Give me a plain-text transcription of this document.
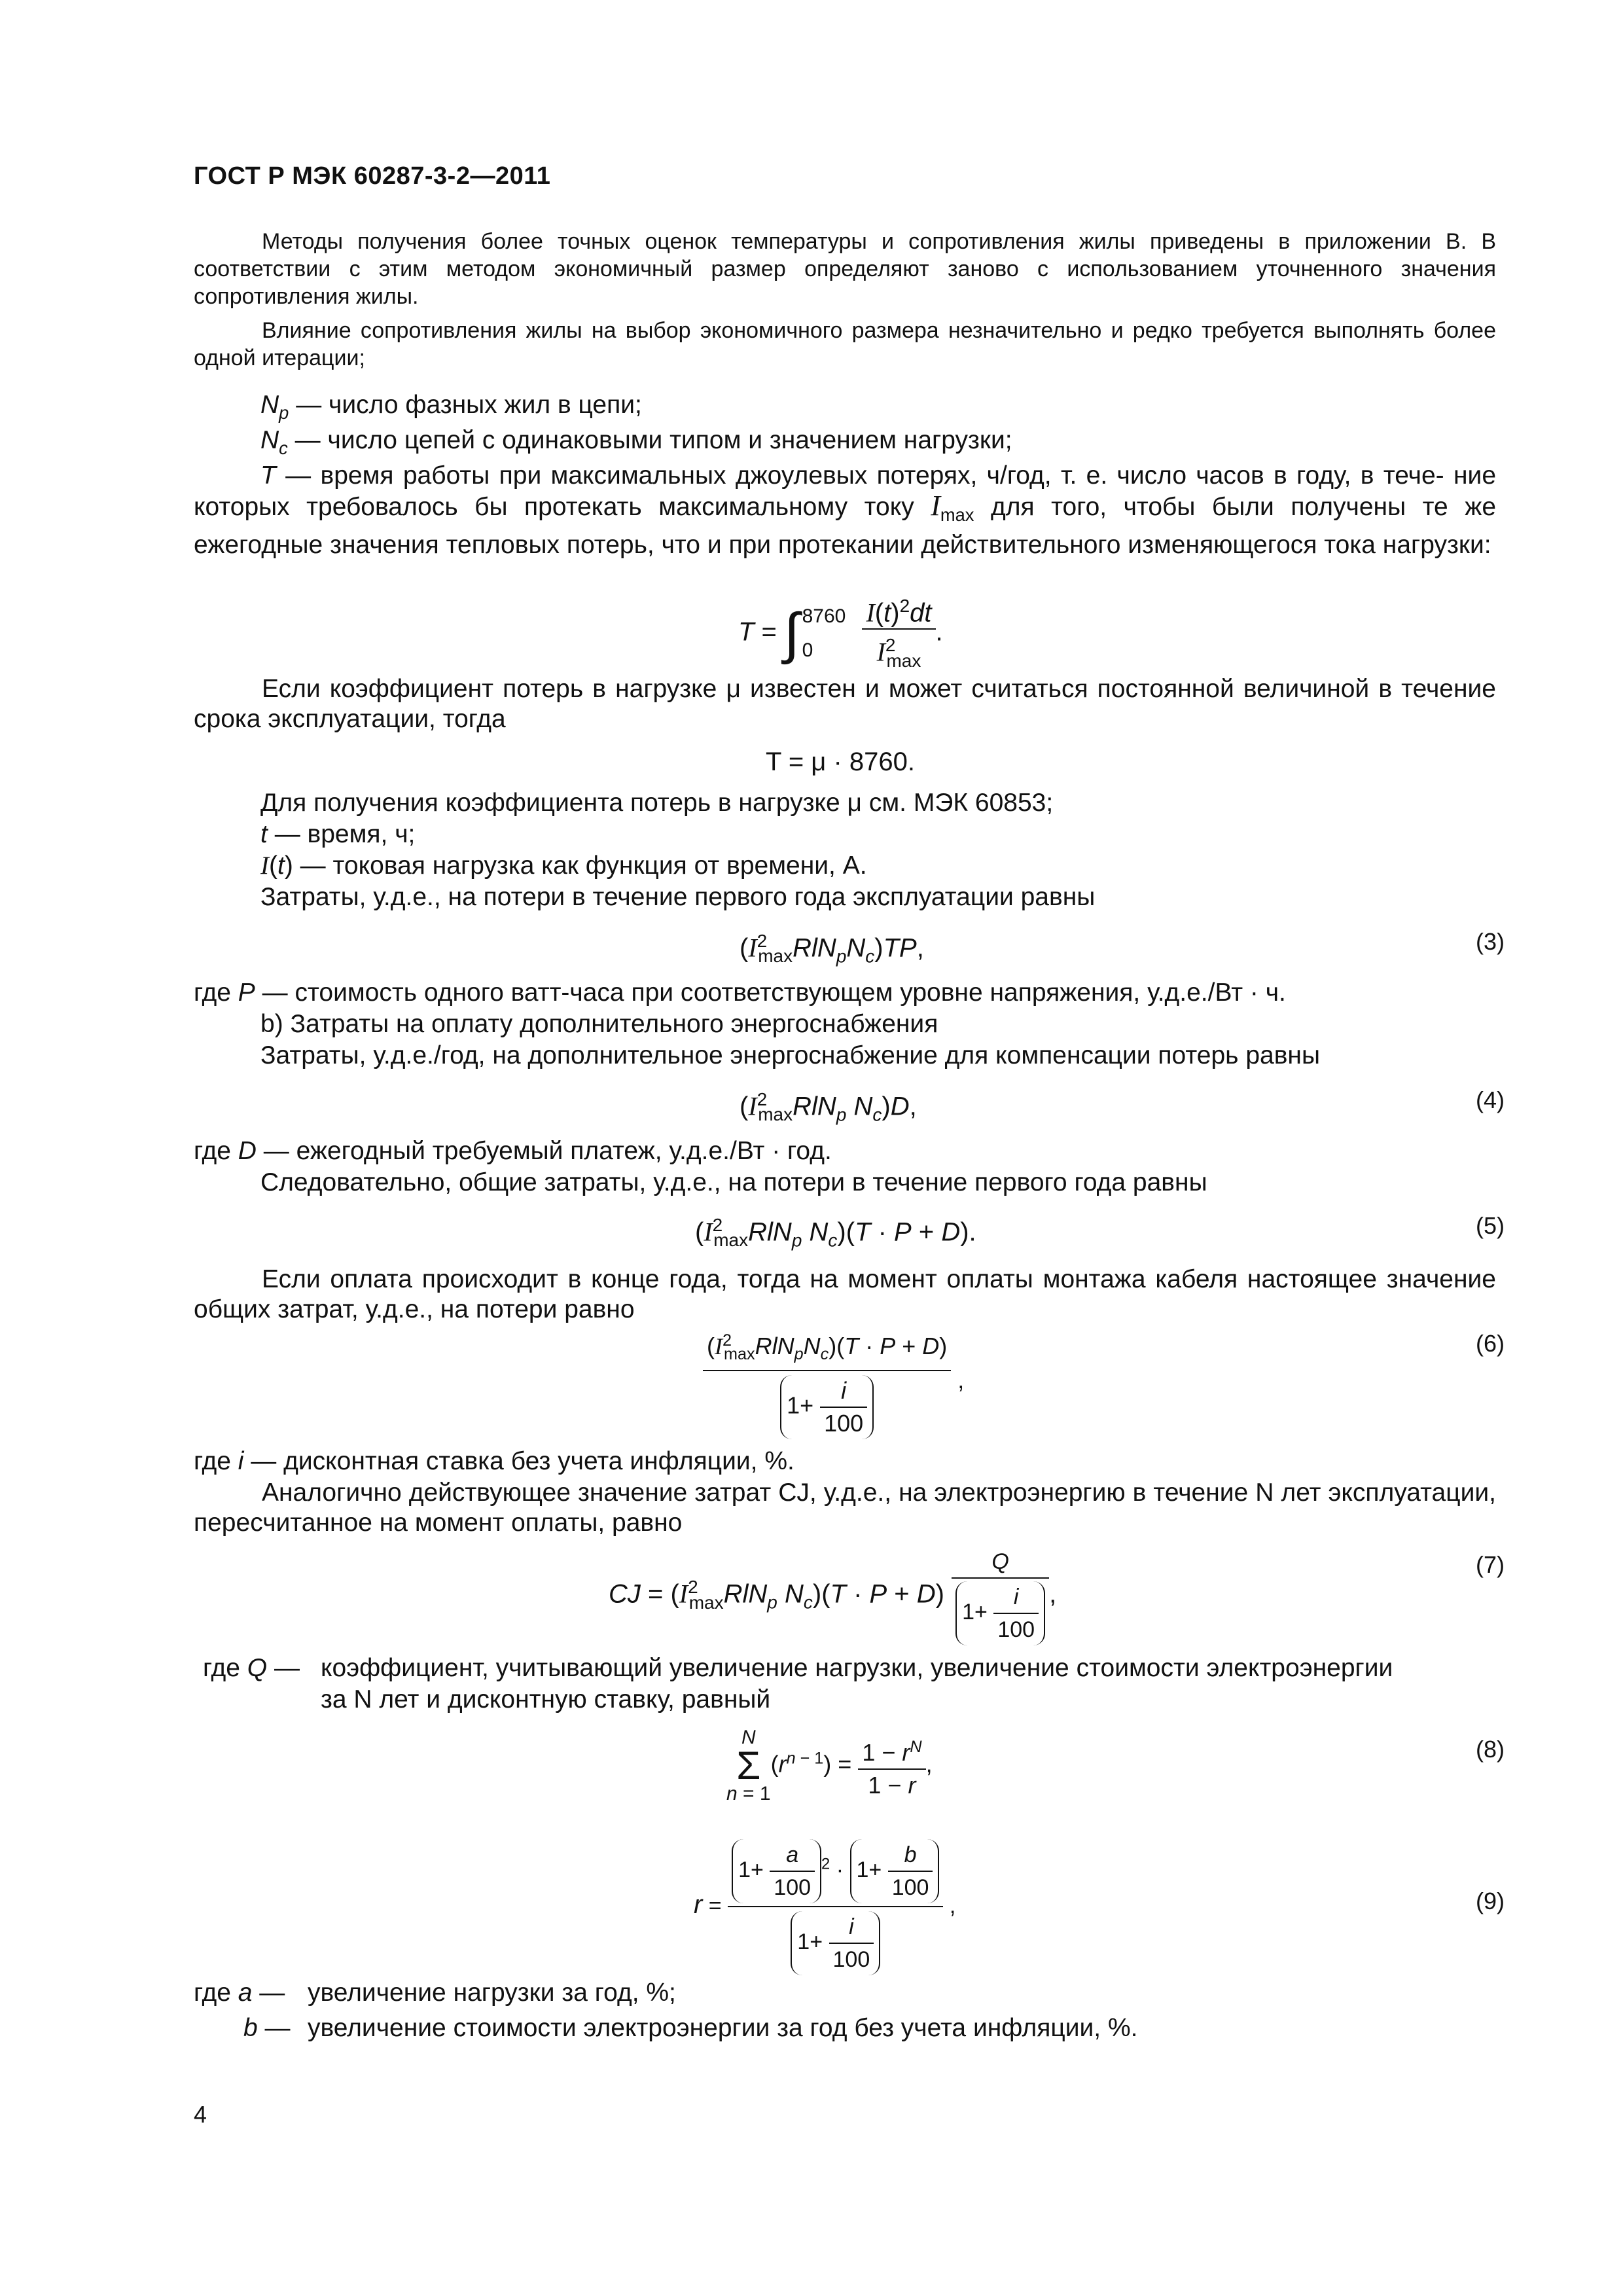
ГОСТ Р МЭК 60287-3-2—2011

Методы получения более точных оценок температуры и сопротивления жилы приведены в приложении В. В соответствии с этим методом экономичный размер определяют заново с использованием уточненного значения сопротивления жилы.

Влияние сопротивления жилы на выбор экономичного размера незначительно и редко требуется выполнять более одной итерации;

$N_p$ — число фазных жил в цепи;
$N_c$ — число цепей с одинаковыми типом и значением нагрузки;
T — время работы при максимальных джоулевых потерях, ч/год, т. е. число часов в году, в тече- ние которых требовалось бы протекать максимальному току $I_{max}$ для того, чтобы были получены те же ежегодные значения тепловых потерь, что и при протекании действительного изменяющегося тока нагрузки:
T = ∫ 8760
$0 \frac{I(t)^2dt}{I^2_{max}}$ .

Если коэффициент потерь в нагрузке μ известен и может считаться постоянной величиной в течение срока эксплуатации, тогда

T = μ · 8760.
Для получения коэффициента потерь в нагрузке μ см. МЭК 60853;
t — время, ч;
I(t) — токовая нагрузка как функция от времени, А.
Затраты, у.д.е., на потери в течение первого года эксплуатации равны
$(I^2_{max}RlN_pN_c)TP$,	(3)
где P — стоимость одного ватт-часа при соответствующем уровне напряжения, у.д.е./Вт · ч.
b) Затраты на оплату дополнительного энергоснабжения
Затраты, у.д.е./год, на дополнительное энергоснабжение для компенсации потерь равны
($I^2_{max}RlN_p$ $N_c)D$,	(4)
где D — ежегодный требуемый платеж, у.д.е./Вт · год.
Следовательно, общие затраты, у.д.е., на потери в течение первого года равны
($I^2_{max}RlN_p$ $N_c)(T \cdot P + D)$.	(5)

Если оплата происходит в конце года, тогда на момент оплаты монтажа кабеля настоящее значение общих затрат, у.д.е., на потери равно

$\frac{(I^2_{max}RlN_pN_c)(T \cdot P + D)}{1+ \frac{i}{100}}$ ,
(6)
где i — дисконтная ставка без учета инфляции, %.

Аналогично действующее значение затрат CJ, у.д.е., на электроэнергию в течение N лет эксплуатации, пересчитанное на момент оплаты, равно

CJ = ($I^2_{max}RlN_p$ $N_c)(T \cdot P + D) \frac{Q}{1+ \frac{i}{100}}$ ,
(7)
где Q — коэффициент, учитывающий увеличение нагрузки, увеличение стоимости электроэнергии
за N лет и дисконтную ставку, равный
N
Σ
$n = 1(r^{n - 1}) = \frac{1 - r^N}{1 - r}$ ,
(8)
$r = \frac{1+ \frac{a}{100} ^2 \cdot 1+ \frac{b}{100}}{1+ \frac{i}{100}}$ ,	(9)
где a — увеличение нагрузки за год, %;
b — увеличение стоимости электроэнергии за год без учета инфляции, %.
4
